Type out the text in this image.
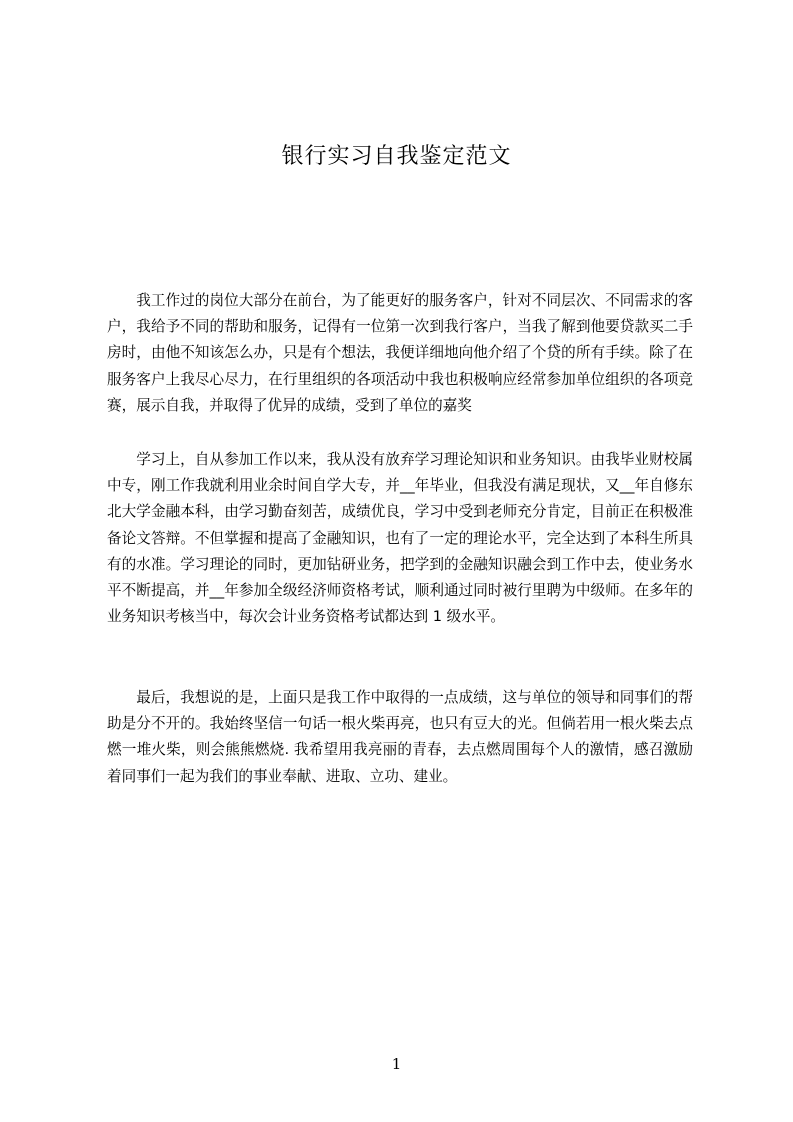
银行实习自我鉴定范文

我工作过的岗位大部分在前台，为了能更好的服务客户，针对不同层次、不同需求的客户，我给予不同的帮助和服务，记得有一位第一次到我行客户，当我了解到他要贷款买二手房时，由他不知该怎么办，只是有个想法，我便详细地向他介绍了个贷的所有手续。除了在服务客户上我尽心尽力，在行里组织的各项活动中我也积极响应经常参加单位组织的各项竞赛，展示自我，并取得了优异的成绩，受到了单位的嘉奖

学习上，自从参加工作以来，我从没有放弃学习理论知识和业务知识。由我毕业财校属中专，刚工作我就利用业余时间自学大专，并__年毕业，但我没有满足现状，又__年自修东北大学金融本科，由学习勤奋刻苦，成绩优良，学习中受到老师充分肯定，目前正在积极准备论文答辩。不但掌握和提高了金融知识，也有了一定的理论水平，完全达到了本科生所具有的水准。学习理论的同时，更加钻研业务，把学到的金融知识融会到工作中去，使业务水平不断提高，并__年参加全级经济师资格考试，顺利通过同时被行里聘为中级师。在多年的业务知识考核当中，每次会计业务资格考试都达到 1 级水平。

最后，我想说的是，上面只是我工作中取得的一点成绩，这与单位的领导和同事们的帮助是分不开的。我始终坚信一句话一根火柴再亮，也只有豆大的光。但倘若用一根火柴去点燃一堆火柴，则会熊熊燃烧. 我希望用我亮丽的青春，去点燃周围每个人的激情，感召激励着同事们一起为我们的事业奉献、进取、立功、建业。

1
